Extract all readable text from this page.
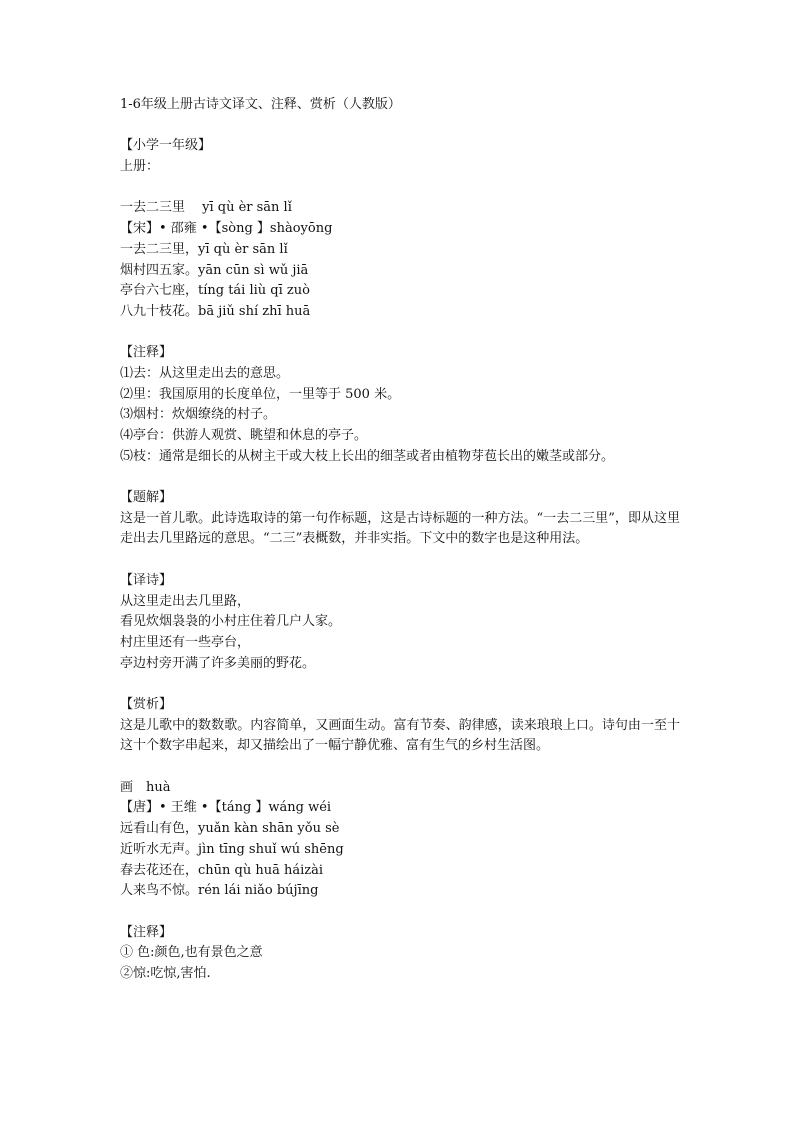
1-6年级上册古诗文译文、注释、赏析（人教版）
【小学一年级】
上册：
一去二三里　 yī qù èr sān lǐ
【宋】• 邵雍 •【sòng 】shàoyōng
一去二三里，yī qù èr sān lǐ
烟村四五家。yān cūn sì wǔ jiā
亭台六七座，tíng tái liù qī zuò
八九十枝花。bā jiǔ shí zhī huā
【注释】
⑴去：从这里走出去的意思。
⑵里：我国原用的长度单位，一里等于 500 米。
⑶烟村：炊烟缭绕的村子。
⑷亭台：供游人观赏、眺望和休息的亭子。
⑸枝：通常是细长的从树主干或大枝上长出的细茎或者由植物芽苞长出的嫩茎或部分。
【题解】
这是一首儿歌。此诗选取诗的第一句作标题，这是古诗标题的一种方法。“一去二三里”，即从这里走出去几里路远的意思。“二三”表概数，并非实指。下文中的数字也是这种用法。
【译诗】
从这里走出去几里路，
看见炊烟袅袅的小村庄住着几户人家。
村庄里还有一些亭台，
亭边村旁开满了许多美丽的野花。
【赏析】
这是儿歌中的数数歌。内容简单，又画面生动。富有节奏、韵律感，读来琅琅上口。诗句由一至十这十个数字串起来，却又描绘出了一幅宁静优雅、富有生气的乡村生活图。
画　huà
【唐】• 王维 •【táng 】wáng wéi
远看山有色，yuǎn kàn shān yǒu sè
近听水无声。jìn tīng shuǐ wú shēng
春去花还在，chūn qù huā háizài
人来鸟不惊。rén lái niǎo bújīng
【注释】
① 色:颜色,也有景色之意
②惊:吃惊,害怕.
